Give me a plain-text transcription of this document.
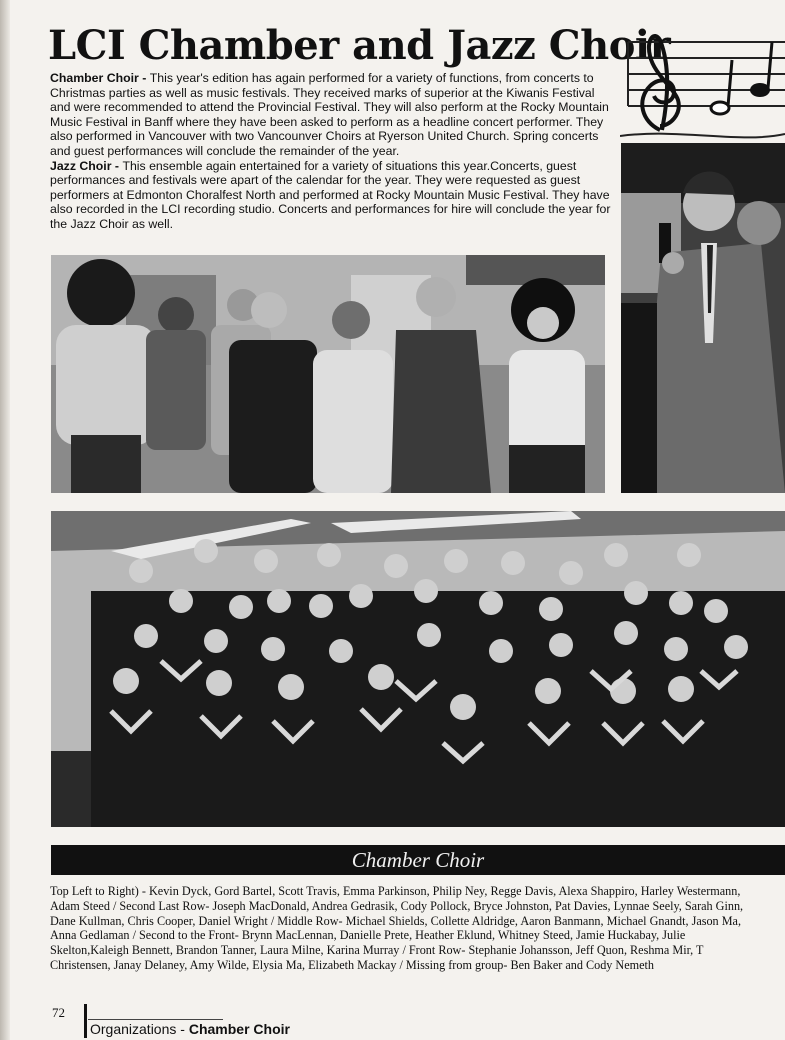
LCI Chamber and Jazz Choir

Chamber Choir - This year's edition has again performed for a variety of functions, from concerts to Christmas parties as well as music festivals. They received marks of superior at the Kiwanis Festival and were recommended to attend the Provincial Festival. They will also perform at the Rocky Mountain Music Festival in Banff where they have been asked to perform as a headline concert performer. They also performed in Vancouver with two Vancounver Choirs at Ryerson United Church. Spring concerts and guest performances will conclude the remainder of the year.

Jazz Choir - This ensemble again entertained for a variety of situations this year.Concerts, guest performances and festivals were apart of the calendar for the year. They were requested as guest performers at Edmonton Choralfest North and performed at Rocky Mountain Music Festival. They have also recorded in the LCI recording studio. Concerts and performances for hire will conclude the year for the Jazz Choir as well.

Chamber Choir
Top Left to Right) - Kevin Dyck, Gord Bartel, Scott Travis, Emma Parkinson, Philip Ney, Regge Davis, Alexa Shappiro, Harley Westermann,
Adam Steed / Second Last Row- Joseph MacDonald, Andrea Gedrasik, Cody Pollock, Bryce Johnston, Pat Davies, Lynnae Seely, Sarah Ginn,
Dane Kullman, Chris Cooper, Daniel Wright / Middle Row- Michael Shields, Collette Aldridge, Aaron Banmann, Michael Gnandt, Jason Ma,
Anna Gedlaman / Second to the Front- Brynn MacLennan, Danielle Prete, Heather Eklund, Whitney Steed, Jamie Huckabay, Julie
Skelton,Kaleigh Bennett, Brandon Tanner, Laura Milne, Karina Murray / Front Row- Stephanie Johansson, Jeff Quon, Reshma Mir, T
Christensen, Janay Delaney, Amy Wilde, Elysia Ma, Elizabeth Mackay / Missing from group- Ben Baker and Cody Nemeth
72
Organizations - Chamber Choir
